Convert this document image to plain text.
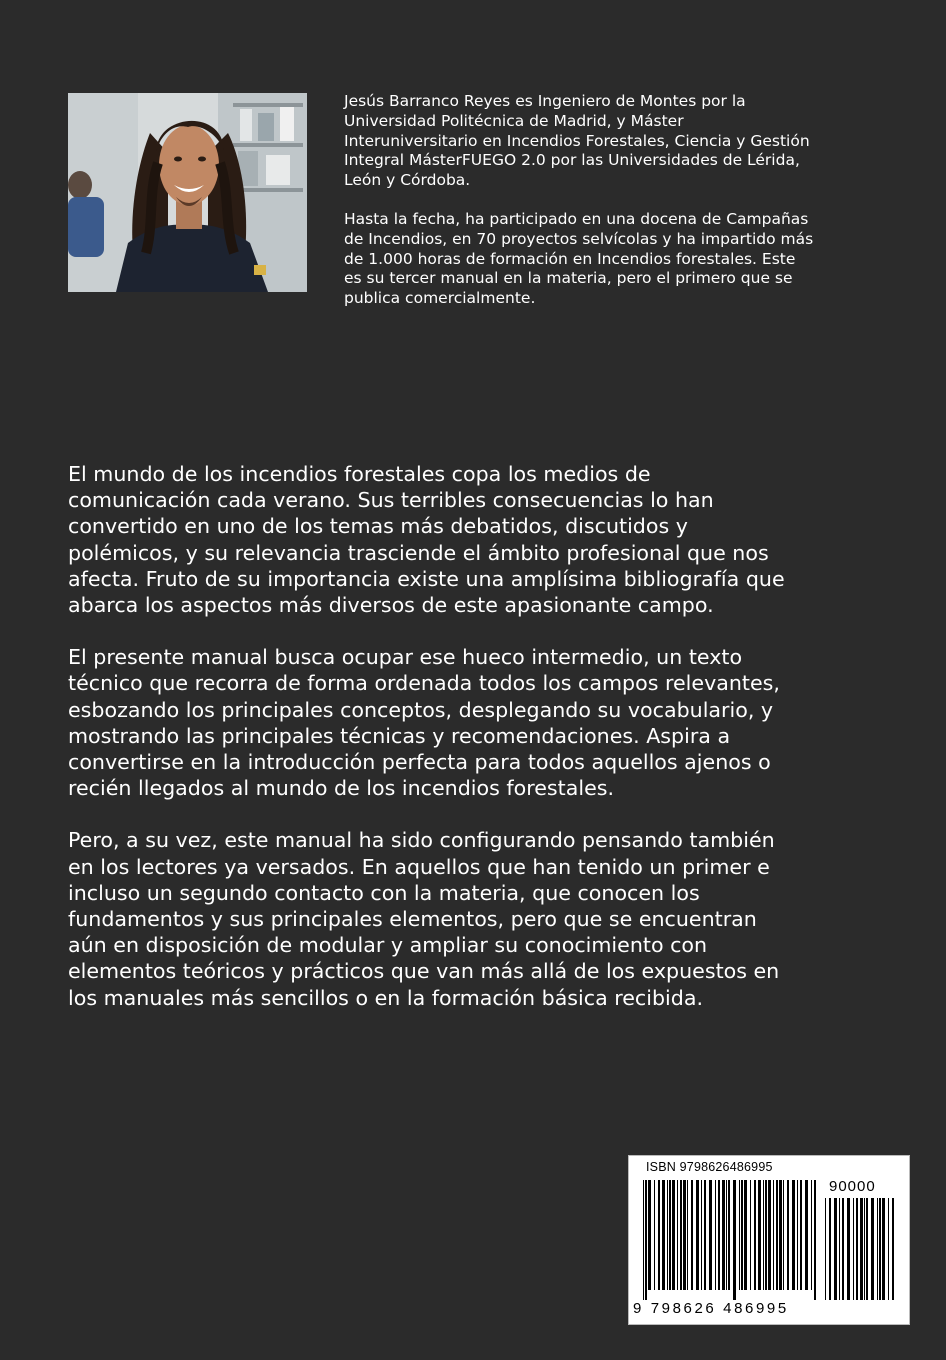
Jesús Barranco Reyes es Ingeniero de Montes por la
Universidad Politécnica de Madrid, y Máster
Interuniversitario en Incendios Forestales, Ciencia y Gestión
Integral MásterFUEGO 2.0 por las Universidades de Lérida,
León y Córdoba.

Hasta la fecha, ha participado en una docena de Campañas
de Incendios, en 70 proyectos selvícolas y ha impartido más
de 1.000 horas de formación en Incendios forestales. Este
es su tercer manual en la materia, pero el primero que se
publica comercialmente.

El mundo de los incendios forestales copa los medios de
comunicación cada verano. Sus terribles consecuencias lo han
convertido en uno de los temas más debatidos, discutidos y
polémicos, y su relevancia trasciende el ámbito profesional que nos
afecta. Fruto de su importancia existe una amplísima bibliografía que
abarca los aspectos más diversos de este apasionante campo.

El presente manual busca ocupar ese hueco intermedio, un texto
técnico que recorra de forma ordenada todos los campos relevantes,
esbozando los principales conceptos, desplegando su vocabulario, y
mostrando las principales técnicas y recomendaciones. Aspira a
convertirse en la introducción perfecta para todos aquellos ajenos o
recién llegados al mundo de los incendios forestales.

Pero, a su vez, este manual ha sido configurando pensando también
en los lectores ya versados. En aquellos que han tenido un primer e
incluso un segundo contacto con la materia, que conocen los
fundamentos y sus principales elementos, pero que se encuentran
aún en disposición de modular y ampliar su conocimiento con
elementos teóricos y prácticos que van más allá de los expuestos en
los manuales más sencillos o en la formación básica recibida.

ISBN 9798626486995
90000
9 798626 486995
